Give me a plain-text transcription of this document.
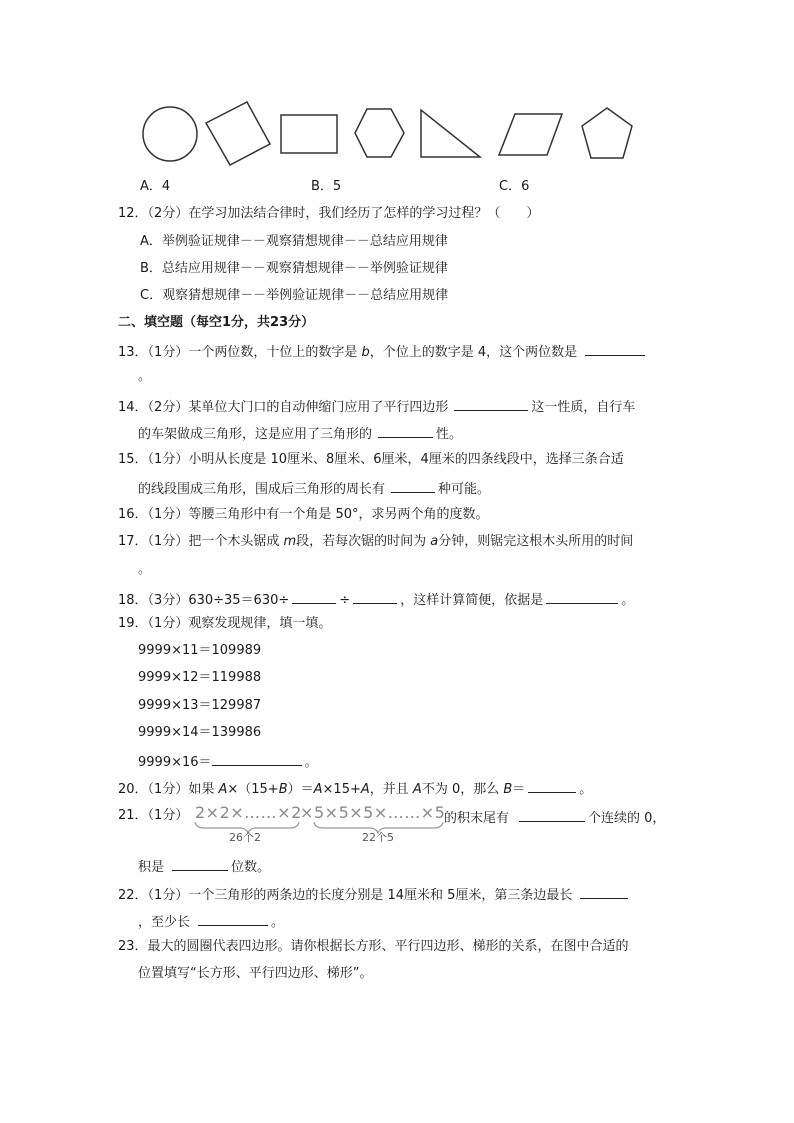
A．4	B．5	C．6
12．（2分）在学习加法结合律时，我们经历了怎样的学习过程？（　　）
A．举例验证规律－－观察猜想规律－－总结应用规律
B．总结应用规律－－观察猜想规律－－举例验证规律
C．观察猜想规律－－举例验证规律－－总结应用规律
二、填空题（每空1分，共23分）
13．（1分）一个两位数，十位上的数字是 b，个位上的数字是 4，这个两位数是
。
14．（2分）某单位大门口的自动伸缩门应用了平行四边形	这一性质，自行车
的车架做成三角形，这是应用了三角形的	性。
15．（1分）小明从长度是 10厘米、8厘米、6厘米，4厘米的四条线段中，选择三条合适
的线段围成三角形，围成后三角形的周长有	种可能。
16．（1分）等腰三角形中有一个角是 50°，求另两个角的度数。
17．（1分）把一个木头锯成 m段，若每次锯的时间为 a分钟，则锯完这根木头所用的时间
。
18．（3分）630÷35＝630÷	÷	，这样计算简便，依据是	。
19．（1分）观察发现规律，填一填。
9999×11＝109989
9999×12＝119988
9999×13＝129987
9999×14＝139986
9999×16＝	。
20．（1分）如果 A×（15+B）＝A×15+A，并且 A不为 0，那么 B＝	。
21．（1分） 2×2×……×2
× 5×5×5×……×5
26个2	22个5
的积末尾有	个连续的 0，
积是	位数。
22．（1分）一个三角形的两条边的长度分别是 14厘米和 5厘米，第三条边最长
，至少长	。
23．最大的圆圈代表四边形。请你根据长方形、平行四边形、梯形的关系，在图中合适的
位置填写“长方形、平行四边形、梯形”。
